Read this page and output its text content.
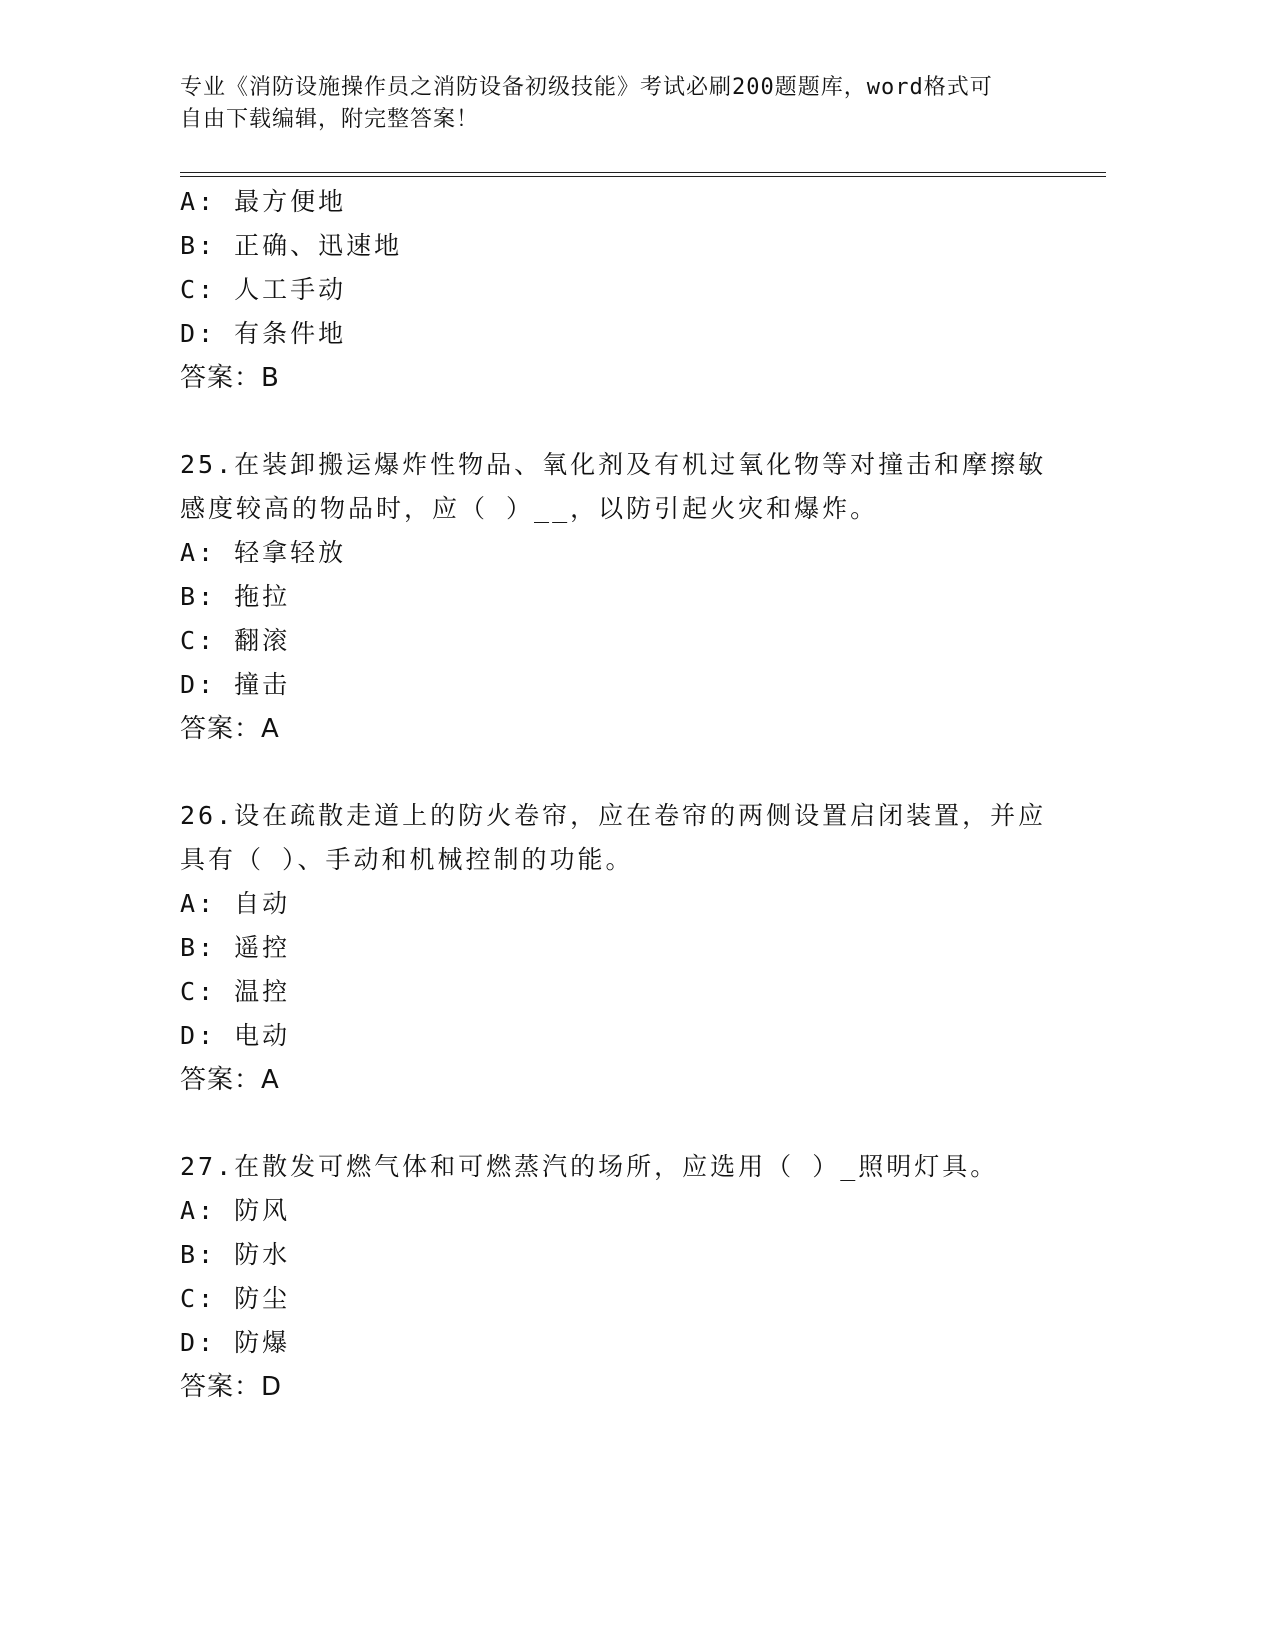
专业《消防设施操作员之消防设备初级技能》考试必刷200题题库，word格式可
自由下载编辑，附完整答案！
A: 最方便地
B: 正确、迅速地
C: 人工手动
D: 有条件地
答案：B
25.在装卸搬运爆炸性物品、氧化剂及有机过氧化物等对撞击和摩擦敏
感度较高的物品时，应（ ）__，以防引起火灾和爆炸。
A: 轻拿轻放
B: 拖拉
C: 翻滚
D: 撞击
答案：A
26.设在疏散走道上的防火卷帘，应在卷帘的两侧设置启闭装置，并应
具有（ ）、手动和机械控制的功能。
A: 自动
B: 遥控
C: 温控
D: 电动
答案：A
27.在散发可燃气体和可燃蒸汽的场所，应选用（ ）_照明灯具。
A: 防风
B: 防水
C: 防尘
D: 防爆
答案：D
